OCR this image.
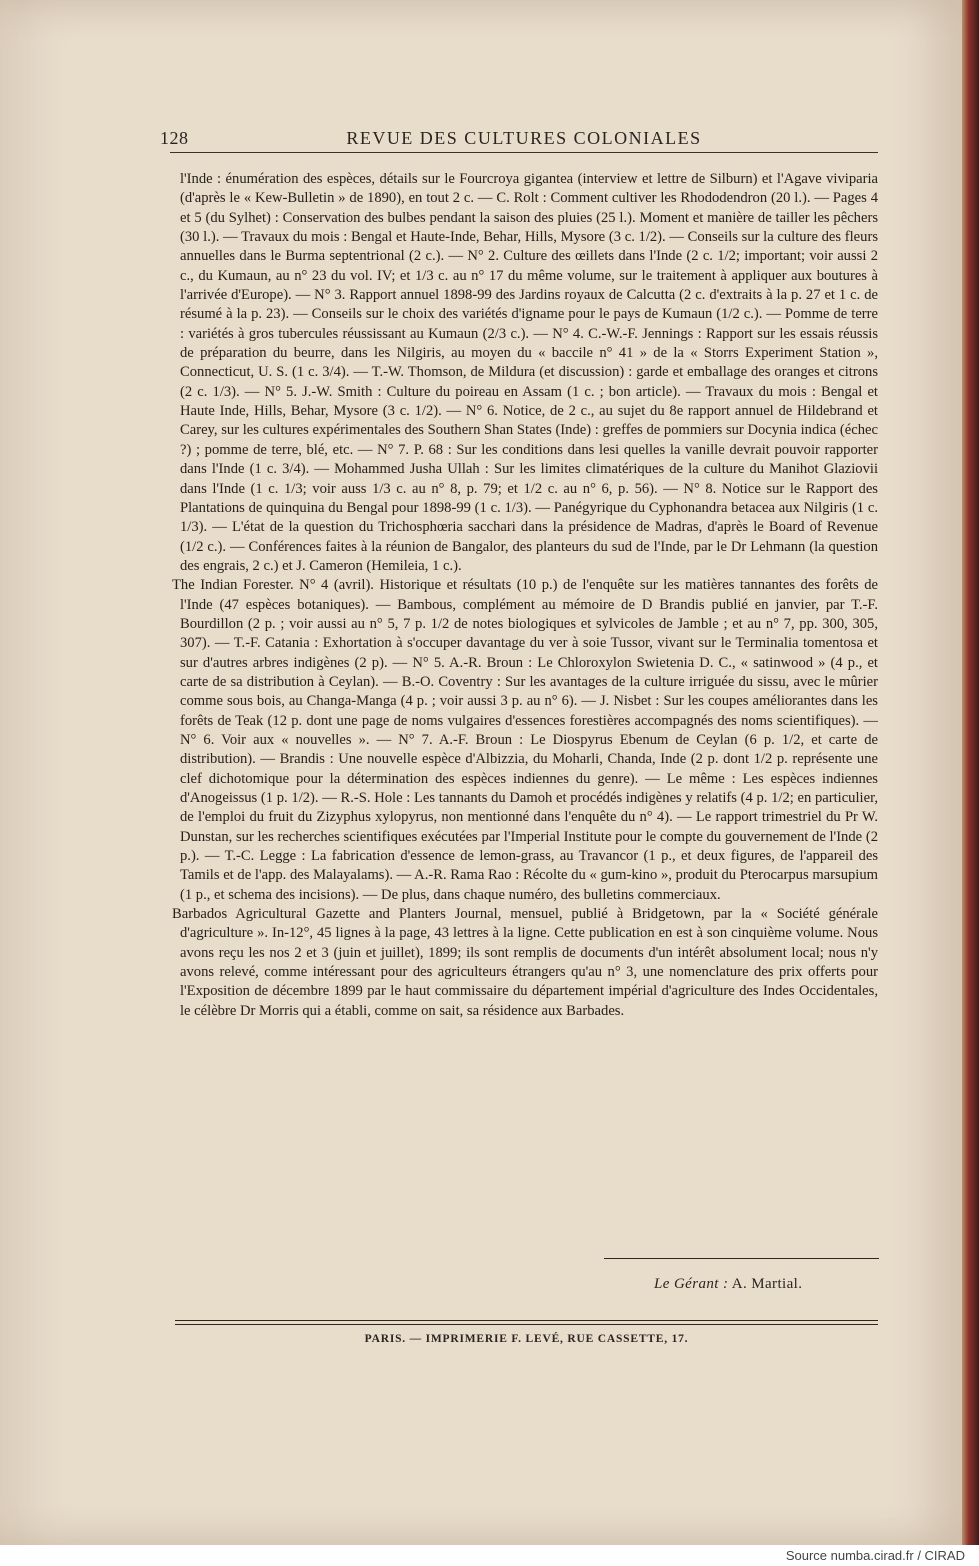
128	REVUE DES CULTURES COLONIALES

l'Inde : énumération des espèces, détails sur le Fourcroya gigantea (interview et lettre de Silburn) et l'Agave viviparia (d'après le « Kew-Bulletin » de 1890), en tout 2 c. — C. Rolt : Comment cultiver les Rhododendron (20 l.). — Pages 4 et 5 (du Sylhet) : Conservation des bulbes pendant la saison des pluies (25 l.). Moment et manière de tailler les pêchers (30 l.). — Travaux du mois : Bengal et Haute-Inde, Behar, Hills, Mysore (3 c. 1/2). — Conseils sur la culture des fleurs annuelles dans le Burma septentrional (2 c.). — N° 2. Culture des œillets dans l'Inde (2 c. 1/2; important; voir aussi 2 c., du Kumaun, au n° 23 du vol. IV; et 1/3 c. au n° 17 du même volume, sur le traitement à appliquer aux boutures à l'arrivée d'Europe). — N° 3. Rapport annuel 1898-99 des Jardins royaux de Calcutta (2 c. d'extraits à la p. 27 et 1 c. de résumé à la p. 23). — Conseils sur le choix des variétés d'igname pour le pays de Kumaun (1/2 c.). — Pomme de terre : variétés à gros tubercules réussissant au Kumaun (2/3 c.). — N° 4. C.-W.-F. Jennings : Rapport sur les essais réussis de préparation du beurre, dans les Nilgiris, au moyen du « baccile n° 41 » de la « Storrs Experiment Station », Connecticut, U. S. (1 c. 3/4). — T.-W. Thomson, de Mildura (et discussion) : garde et emballage des oranges et citrons (2 c. 1/3). — N° 5. J.-W. Smith : Culture du poireau en Assam (1 c. ; bon article). — Travaux du mois : Bengal et Haute Inde, Hills, Behar, Mysore (3 c. 1/2). — N° 6. Notice, de 2 c., au sujet du 8e rapport annuel de Hildebrand et Carey, sur les cultures expérimentales des Southern Shan States (Inde) : greffes de pommiers sur Docynia indica (échec ?) ; pomme de terre, blé, etc. — N° 7. P. 68 : Sur les conditions dans lesi quelles la vanille devrait pouvoir rapporter dans l'Inde (1 c. 3/4). — Mohammed Jusha Ullah : Sur les limites climatériques de la culture du Manihot Glaziovii dans l'Inde (1 c. 1/3; voir auss 1/3 c. au n° 8, p. 79; et 1/2 c. au n° 6, p. 56). — N° 8. Notice sur le Rapport des Plantations de quinquina du Bengal pour 1898-99 (1 c. 1/3). — Panégyrique du Cyphonandra betacea aux Nilgiris (1 c. 1/3). — L'état de la question du Trichosphœria sacchari dans la présidence de Madras, d'après le Board of Revenue (1/2 c.). — Conférences faites à la réunion de Bangalor, des planteurs du sud de l'Inde, par le Dr Lehmann (la question des engrais, 2 c.) et J. Cameron (Hemileia, 1 c.).

The Indian Forester. N° 4 (avril). Historique et résultats (10 p.) de l'enquête sur les matières tannantes des forêts de l'Inde (47 espèces botaniques). — Bambous, complément au mémoire de D Brandis publié en janvier, par T.-F. Bourdillon (2 p. ; voir aussi au n° 5, 7 p. 1/2 de notes biologiques et sylvicoles de Jamble ; et au n° 7, pp. 300, 305, 307). — T.-F. Catania : Exhortation à s'occuper davantage du ver à soie Tussor, vivant sur le Terminalia tomentosa et sur d'autres arbres indigènes (2 p). — N° 5. A.-R. Broun : Le Chloroxylon Swietenia D. C., « satinwood » (4 p., et carte de sa distribution à Ceylan). — B.-O. Coventry : Sur les avantages de la culture irriguée du sissu, avec le mûrier comme sous bois, au Changa-Manga (4 p. ; voir aussi 3 p. au n° 6). — J. Nisbet : Sur les coupes améliorantes dans les forêts de Teak (12 p. dont une page de noms vulgaires d'essences forestières accompagnés des noms scientifiques). — N° 6. Voir aux « nouvelles ». — N° 7. A.-F. Broun : Le Diospyrus Ebenum de Ceylan (6 p. 1/2, et carte de distribution). — Brandis : Une nouvelle espèce d'Albizzia, du Moharli, Chanda, Inde (2 p. dont 1/2 p. représente une clef dichotomique pour la détermination des espèces indiennes du genre). — Le même : Les espèces indiennes d'Anogeissus (1 p. 1/2). — R.-S. Hole : Les tannants du Damoh et procédés indigènes y relatifs (4 p. 1/2; en particulier, de l'emploi du fruit du Zizyphus xylopyrus, non mentionné dans l'enquête du n° 4). — Le rapport trimestriel du Pr W. Dunstan, sur les recherches scientifiques exécutées par l'Imperial Institute pour le compte du gouvernement de l'Inde (2 p.). — T.-C. Legge : La fabrication d'essence de lemon-grass, au Travancor (1 p., et deux figures, de l'appareil des Tamils et de l'app. des Malayalams). — A.-R. Rama Rao : Récolte du « gum-kino », produit du Pterocarpus marsupium (1 p., et schema des incisions). — De plus, dans chaque numéro, des bulletins commerciaux.

Barbados Agricultural Gazette and Planters Journal, mensuel, publié à Bridgetown, par la « Société générale d'agriculture ». In-12°, 45 lignes à la page, 43 lettres à la ligne. Cette publication en est à son cinquième volume. Nous avons reçu les nos 2 et 3 (juin et juillet), 1899; ils sont remplis de documents d'un intérêt absolument local; nous n'y avons relevé, comme intéressant pour des agriculteurs étrangers qu'au n° 3, une nomenclature des prix offerts pour l'Exposition de décembre 1899 par le haut commissaire du département impérial d'agriculture des Indes Occidentales, le célèbre Dr Morris qui a établi, comme on sait, sa résidence aux Barbades.

Le Gérant : A. Martial.
PARIS. — IMPRIMERIE F. LEVÉ, RUE CASSETTE, 17.
Source numba.cirad.fr / CIRAD
